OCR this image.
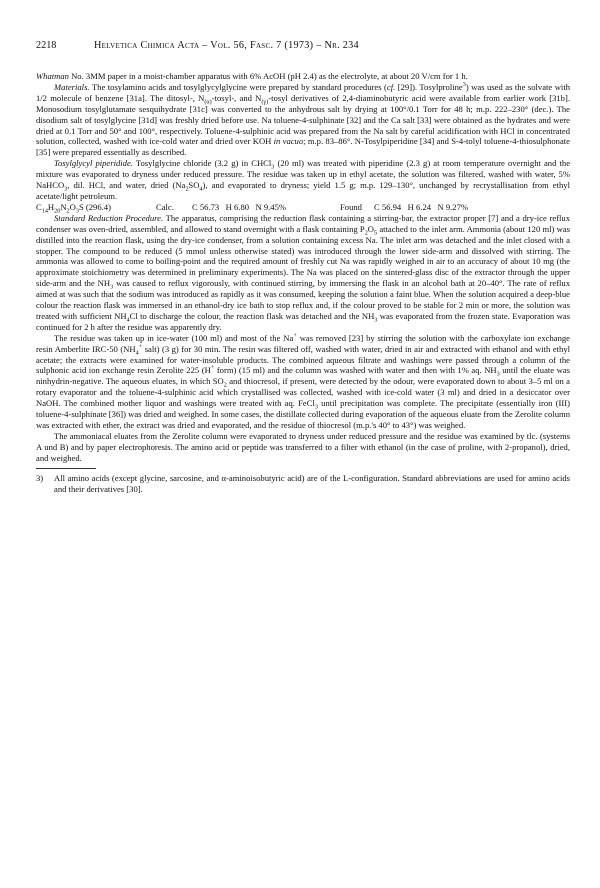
2218	Helvetica Chimica Acta – Vol. 56, Fasc. 7 (1973) – Nr. 234

Whatman No. 3MM paper in a moist-chamber apparatus with 6% AcOH (pH 2.4) as the electrolyte, at about 20 V/cm for 1 h.

Materials. The tosylamino acids and tosylglycylglycine were prepared by standard procedures (cf. [29]). Tosylproline$^3$) was used as the solvate with 1/2 molecule of benzene [31a]. The ditosyl-, $N_{(\alpha)}-tosyl-$, and $N_{(\gamma)}$-tosyl derivatives of 2,4-diaminobutyric acid were available from earlier work [31b]. Monosodium tosylglutamate sesquihydrate [31c] was converted to the anhydrous salt by drying at 100°/0.1 Torr for 48 h; m.p. 222–230° (dec.). The disodium salt of tosylglycine [31d] was freshly dried before use. Na toluene-4-sulphinate [32] and the Ca salt [33] were obtained as the hydrates and were dried at 0.1 Torr and 50° and 100°, respectively. Toluene-4-sulphinic acid was prepared from the Na salt by careful acidification with HCl in concentrated solution, collected, washed with ice-cold water and dried over KOH in vacuo; m.p. 83–86°. N-Tosylpiperidine [34] and S-4-tolyl toluene-4-thiosulphonate [35] were prepared essentially as described.

Tosylglycyl piperidide. Tosylglycine chloride (3.2 g) in CHCl$_3$ (20 ml) was treated with piperidine (2.3 g) at room temperature overnight and the mixture was evaporated to dryness under reduced pressure. The residue was taken up in ethyl acetate, the solution was filtered, washed with water, 5% NaHCO$_3$, dil. HCl, and water, dried $(Na_2SO_4)$, and evaporated to dryness; yield 1.5 g; m.p. 129–130°, unchanged by recrystallisation from ethyl acetate/light petroleum.

$C_{14}H_{20}N_2O_3S$ (296.4)	Calc.	C 56.73   H 6.80   N 9.45%	Found	C 56.94   H 6.24   N 9.27%

Standard Reduction Procedure. The apparatus, comprising the reduction flask containing a stirring-bar, the extractor proper [7] and a dry-ice reflux condenser was oven-dried, assembled, and allowed to stand overnight with a flask containing $P_2O_5$ attached to the inlet arm. Ammonia (about 120 ml) was distilled into the reaction flask, using the dry-ice condenser, from a solution containing excess Na. The inlet arm was detached and the inlet closed with a stopper. The compound to be reduced (5 mmol unless otherwise stated) was introduced through the lower side-arm and dissolved with stirring. The ammonia was allowed to come to boiling-point and the required amount of freshly cut Na was rapidly weighed in air to an accuracy of about 10 mg (the approximate stoichiometry was determined in preliminary experiments). The Na was placed on the sintered-glass disc of the extractor through the upper side-arm and the $NH_3$ was caused to reflux vigorously, with continued stirring, by immersing the flask in an alcohol bath at 20–40°. The rate of reflux aimed at was such that the sodium was introduced as rapidly as it was consumed, keeping the solution a faint blue. When the solution acquired a deep-blue colour the reaction flask was immersed in an ethanol-dry ice bath to stop reflux and, if the colour proved to be stable for 2 min or more, the solution was treated with sufficient $NH_4Cl$ to discharge the colour, the reaction flask was detached and the $NH_3$ was evaporated from the frozen state. Evaporation was continued for 2 h after the residue was apparently dry.

The residue was taken up in ice-water (100 ml) and most of the Na+ was removed [23] by stirring the solution with the carboxylate ion exchange resin Amberlite IRC-50 ($NH_4^+$ salt) (3 g) for 30 min. The resin was filtered off, washed with water, dried in air and extracted with ethanol and with ethyl acetate; the extracts were examined for water-insoluble products. The combined aqueous filtrate and washings were passed through a column of the sulphonic acid ion exchange resin Zerolite 225 (H+ form) (15 ml) and the column was washed with water and then with 1% aq. $NH_3$ until the eluate was ninhydrin-negative. The aqueous eluates, in which $SO_2$ and thiocresol, if present, were detected by the odour, were evaporated down to about 3–5 ml on a rotary evaporator and the toluene-4-sulphinic acid which crystallised was collected, washed with ice-cold water (3 ml) and dried in a desiccator over NaOH. The combined mother liquor and washings were treated with aq. FeCl$_3$ until precipitation was complete. The precipitate (essentially iron (III) toluene-4-sulphinate [36]) was dried and weighed. In some cases, the distillate collected during evaporation of the aqueous eluate from the Zerolite column was extracted with ether, the extract was dried and evaporated, and the residue of thiocresol (m.p.'s 40° to 43°) was weighed.

The ammoniacal eluates from the Zerolite column were evaporated to dryness under reduced pressure and the residue was examined by tlc. (systems A und B) and by paper electrophoresis. The amino acid or peptide was transferred to a filter with ethanol (in the case of proline, with 2-propanol), dried, and weighed.

3)	All amino acids (except glycine, sarcosine, and α-aminoisobutyric acid) are of the L-configuration. Standard abbreviations are used for amino acids and their derivatives [30].
